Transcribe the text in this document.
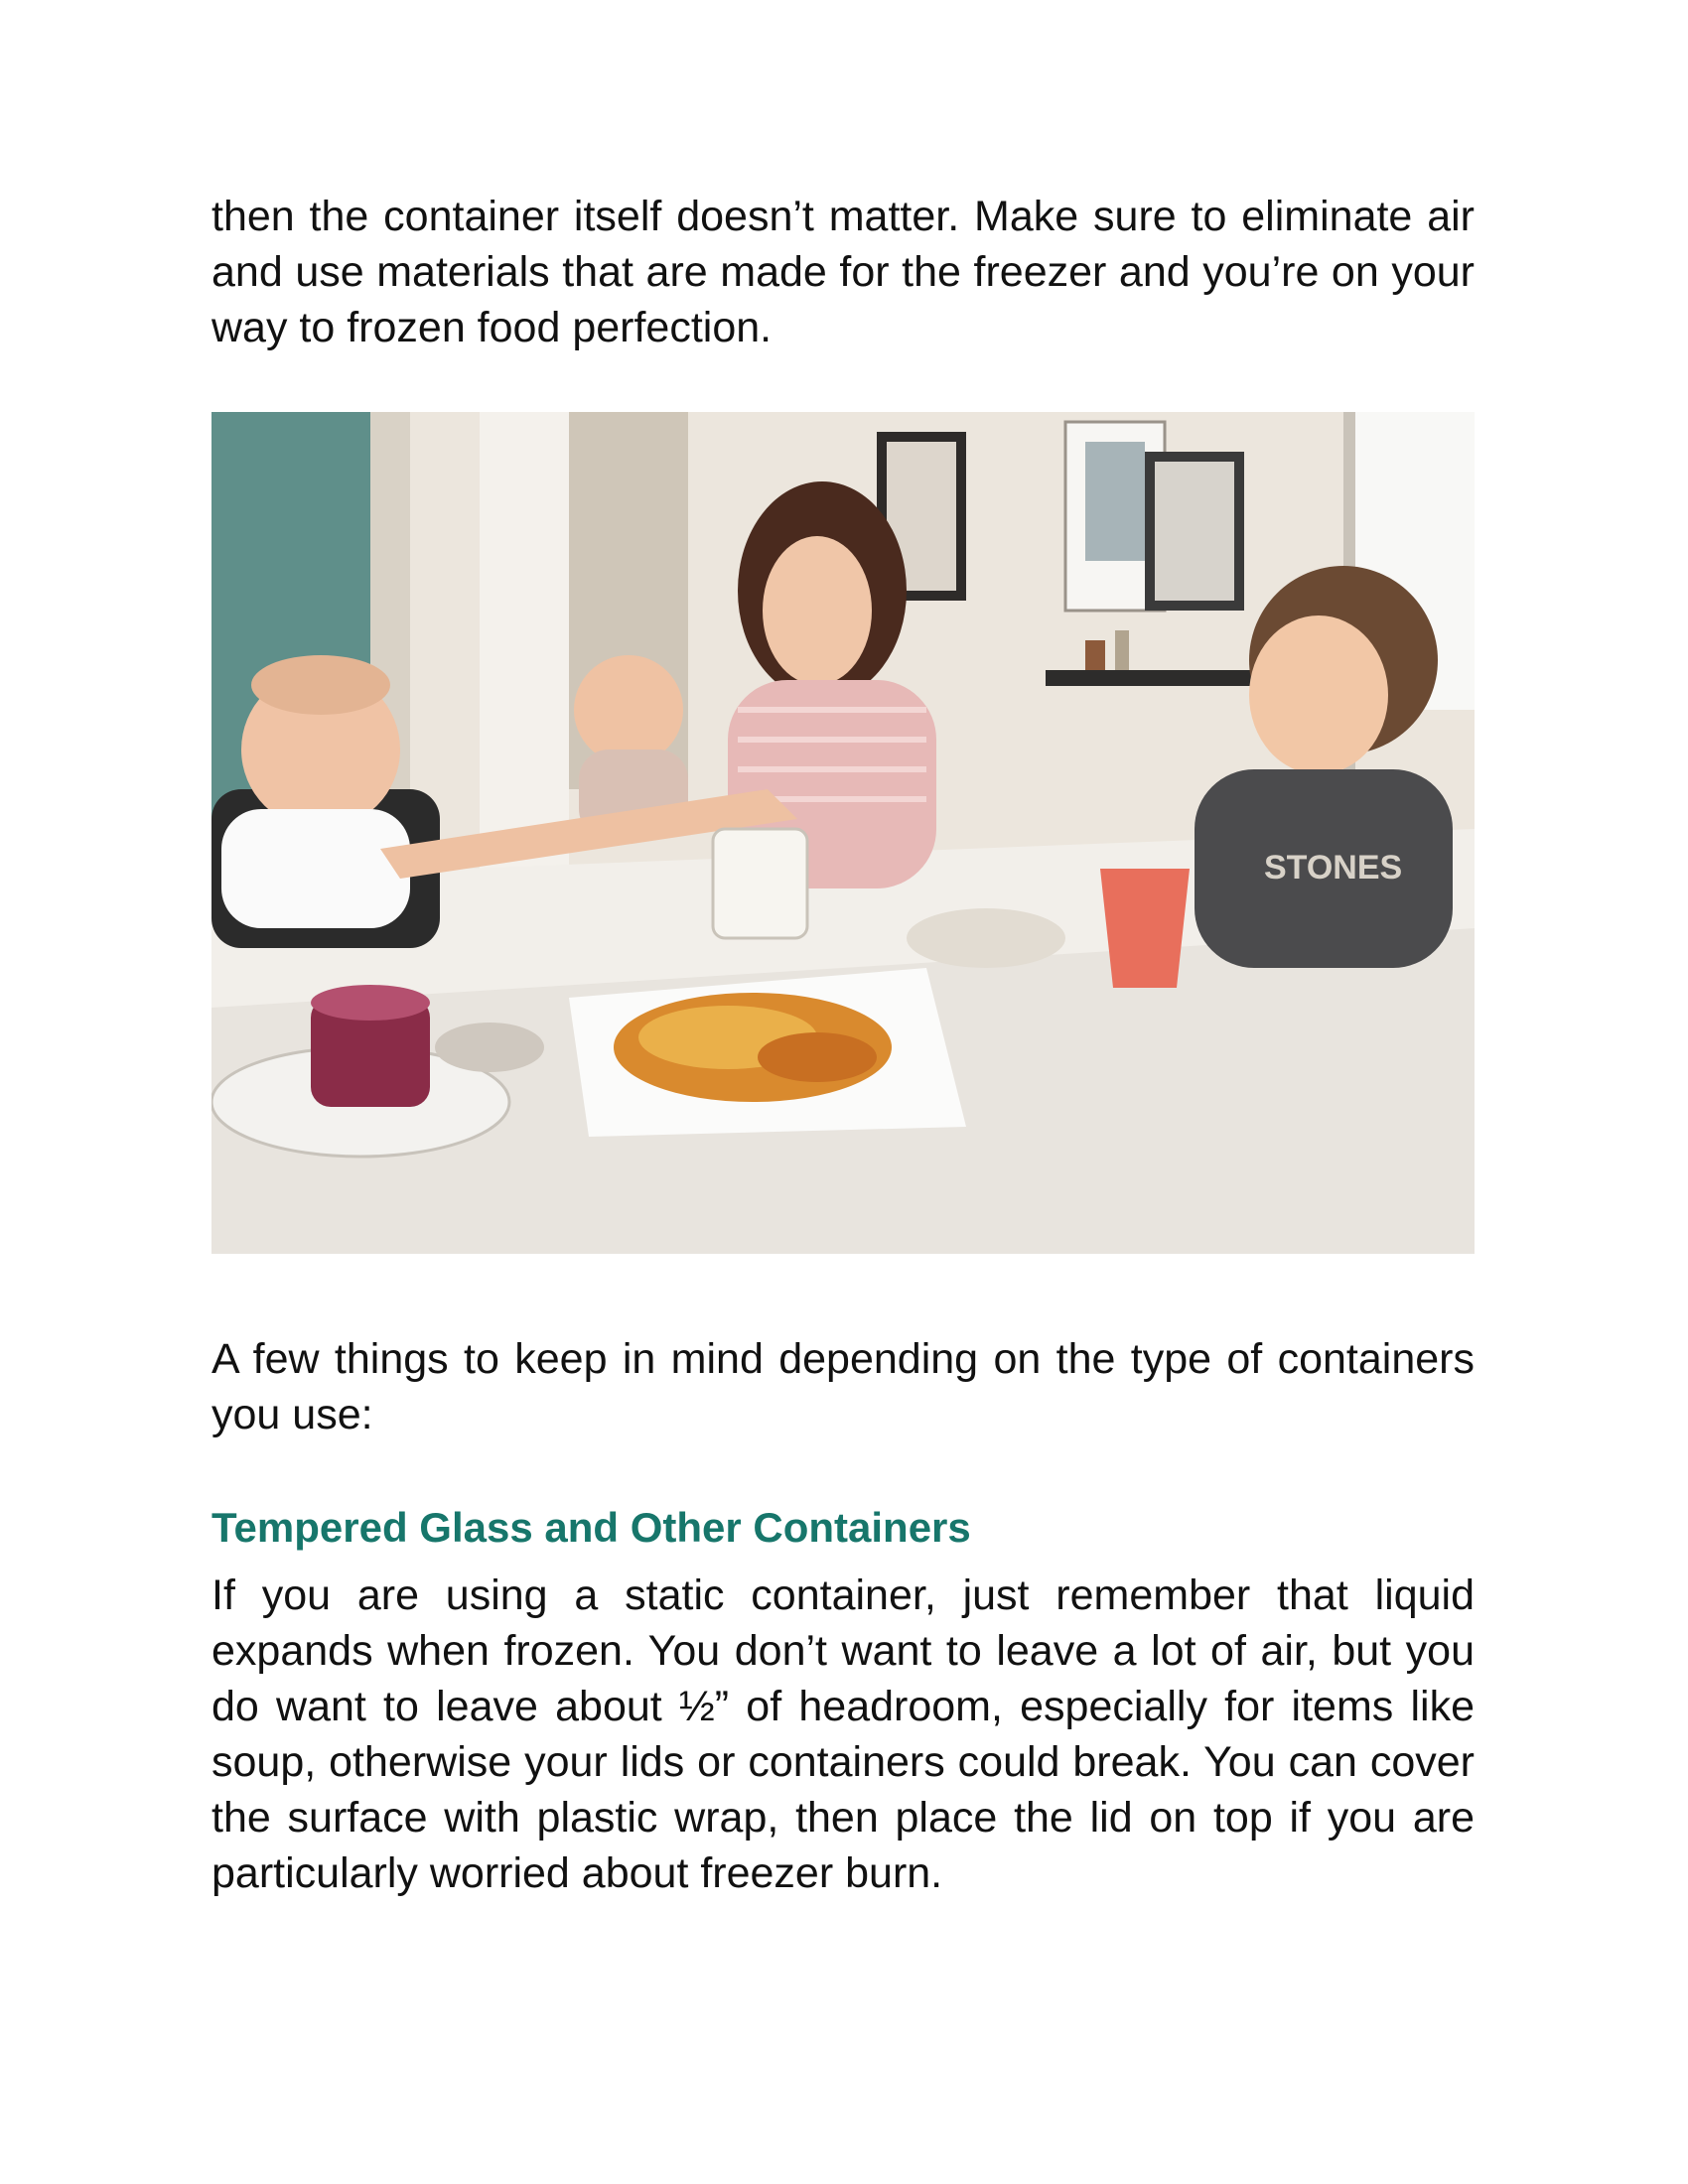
then the container itself doesn’t matter. Make sure to eliminate air and use materials that are made for the freezer and you’re on your way to frozen food perfection.

STONES

A few things to keep in mind depending on the type of containers you use:

Tempered Glass and Other Containers

If you are using a static container, just remember that liquid expands when frozen. You don’t want to leave a lot of air, but you do want to leave about ½” of headroom, especially for items like soup, otherwise your lids or containers could break. You can cover the surface with plastic wrap, then place the lid on top if you are particularly worried about freezer burn.
